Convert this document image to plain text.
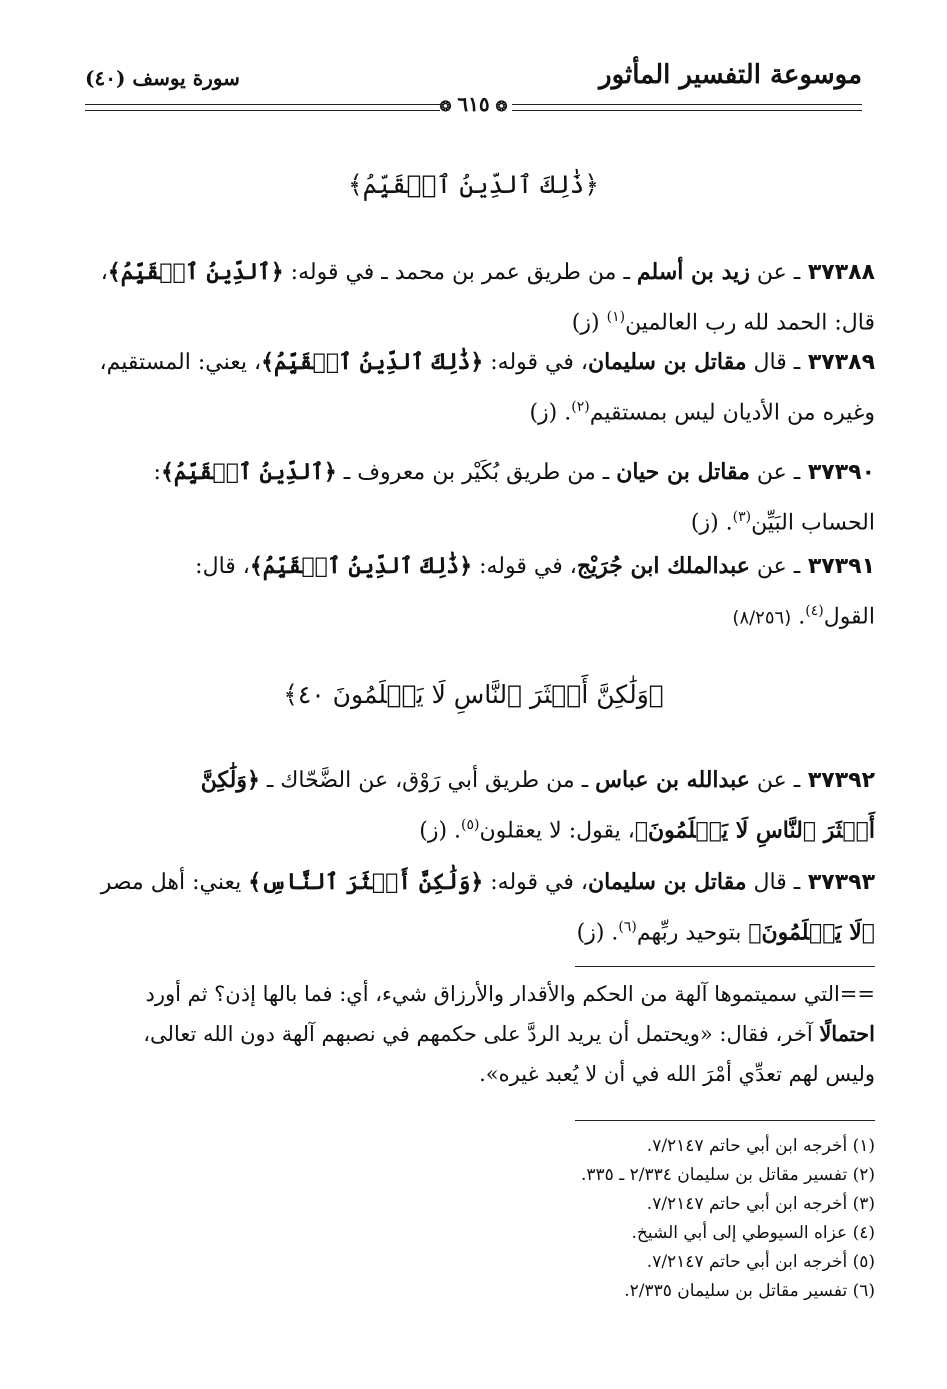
موسوعة التفسير المأثور
سورة يوسف (٤٠)
❂٦١٥❂
﴿ذَٰلِكَ ٱلدِّينُ ٱلۡقَيِّمُ﴾
٣٧٣٨٨ ـ عن زيد بن أسلم ـ من طريق عمر بن محمد ـ في قوله: ﴿ٱلدِّينُ ٱلۡقَيِّمُ﴾،
قال: الحمد لله رب العالمين$^{(١)}$ (ز)
٣٧٣٨٩ ـ قال مقاتل بن سليمان، في قوله: ﴿ذَٰلِكَ ٱلدِّينُ ٱلۡقَيِّمُ﴾، يعني: المستقيم،
وغيره من الأديان ليس بمستقيم$^{(٢)}$. (ز)
٣٧٣٩٠ ـ عن مقاتل بن حيان ـ من طريق بُكَيْر بن معروف ـ ﴿ٱلدِّينُ ٱلۡقَيِّمُ﴾:
الحساب البَيِّن$^{(٣)}$. (ز)
٣٧٣٩١ ـ عن عبدالملك ابن جُرَيْج، في قوله: ﴿ذَٰلِكَ ٱلدِّينُ ٱلۡقَيِّمُ﴾، قال:
القول$^{(٤)}$. (٨/٢٥٦)
﴿وَلَٰكِنَّ أَكۡثَرَ ٱلنَّاسِ لَا يَعۡلَمُونَ ٤٠﴾
٣٧٣٩٢ ـ عن عبدالله بن عباس ـ من طريق أبي رَوْق، عن الضَّحّاك ـ ﴿وَلَٰكِنَّ
أَكۡثَرَ ٱلنَّاسِ لَا يَعۡلَمُونَ﴾، يقول: لا يعقلون$^{(٥)}$. (ز)
٣٧٣٩٣ ـ قال مقاتل بن سليمان، في قوله: ﴿وَلَٰكِنَّ أَكۡثَرَ ٱلنَّاسِ﴾ يعني: أهل مصر
﴿لَا يَعۡلَمُونَ﴾ بتوحيد ربِّهم$^{(٦)}$. (ز)
==التي سميتموها آلهة من الحكم والأقدار والأرزاق شيء، أي: فما بالها إذن؟ ثم أورد
احتمالًا آخر، فقال: «ويحتمل أن يريد الردَّ على حكمهم في نصبهم آلهة دون الله تعالى،
وليس لهم تعدِّي أمْرَ الله في أن لا يُعبد غيره».
(١) أخرجه ابن أبي حاتم ٧/٢١٤٧.
(٢) تفسير مقاتل بن سليمان ٢/٣٣٤ ـ ٣٣٥.
(٣) أخرجه ابن أبي حاتم ٧/٢١٤٧.
(٤) عزاه السيوطي إلى أبي الشيخ.
(٥) أخرجه ابن أبي حاتم ٧/٢١٤٧.
(٦) تفسير مقاتل بن سليمان ٢/٣٣٥.
